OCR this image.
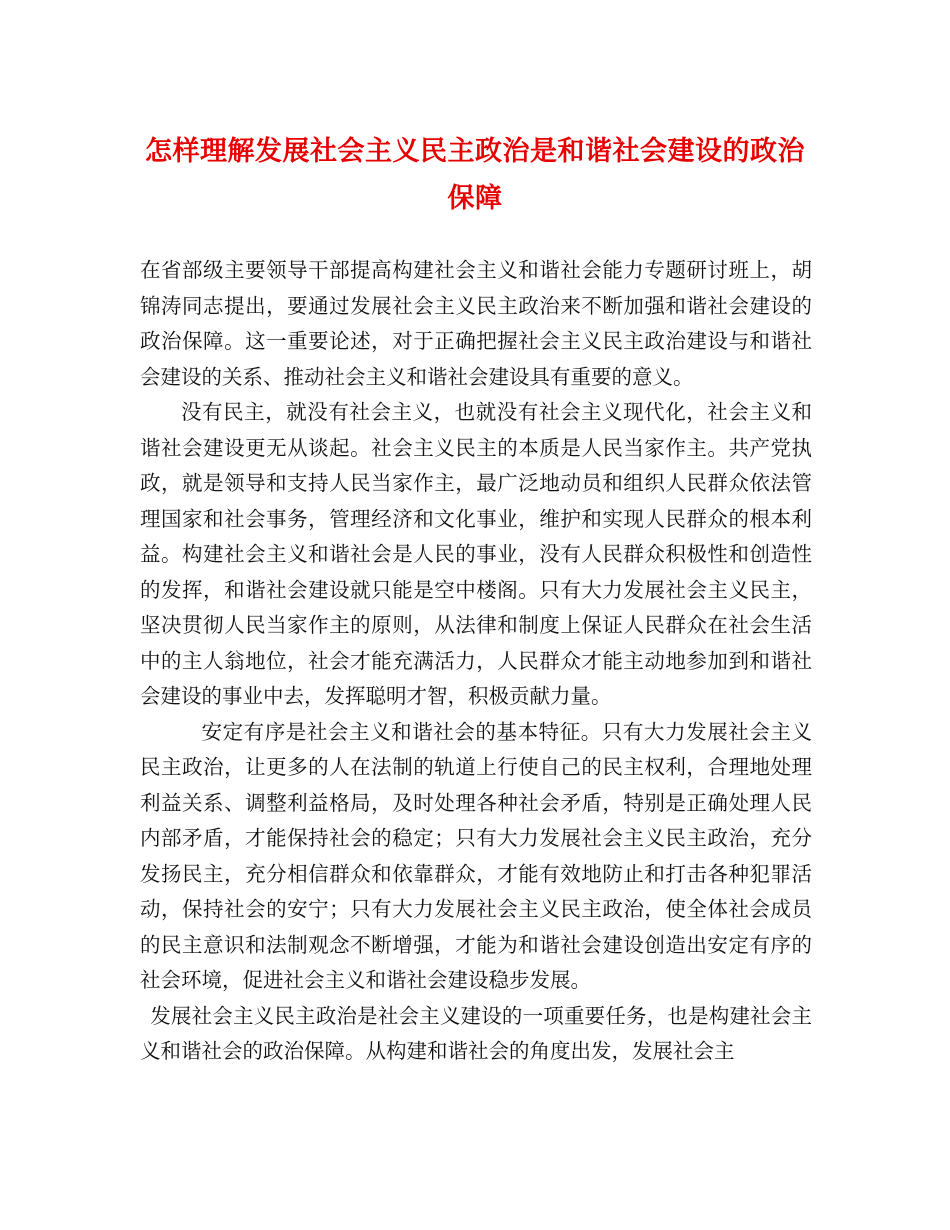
怎样理解发展社会主义民主政治是和谐社会建设的政治保障

在省部级主要领导干部提高构建社会主义和谐社会能力专题研讨班上，胡锦涛同志提出，要通过发展社会主义民主政治来不断加强和谐社会建设的政治保障。这一重要论述，对于正确把握社会主义民主政治建设与和谐社会建设的关系、推动社会主义和谐社会建设具有重要的意义。

没有民主，就没有社会主义，也就没有社会主义现代化，社会主义和谐社会建设更无从谈起。社会主义民主的本质是人民当家作主。共产党执政，就是领导和支持人民当家作主，最广泛地动员和组织人民群众依法管理国家和社会事务，管理经济和文化事业，维护和实现人民群众的根本利益。构建社会主义和谐社会是人民的事业，没有人民群众积极性和创造性的发挥，和谐社会建设就只能是空中楼阁。只有大力发展社会主义民主，坚决贯彻人民当家作主的原则，从法律和制度上保证人民群众在社会生活中的主人翁地位，社会才能充满活力，人民群众才能主动地参加到和谐社会建设的事业中去，发挥聪明才智，积极贡献力量。

安定有序是社会主义和谐社会的基本特征。只有大力发展社会主义民主政治，让更多的人在法制的轨道上行使自己的民主权利，合理地处理利益关系、调整利益格局，及时处理各种社会矛盾，特别是正确处理人民内部矛盾，才能保持社会的稳定；只有大力发展社会主义民主政治，充分发扬民主，充分相信群众和依靠群众，才能有效地防止和打击各种犯罪活动，保持社会的安宁；只有大力发展社会主义民主政治，使全体社会成员的民主意识和法制观念不断增强，才能为和谐社会建设创造出安定有序的社会环境，促进社会主义和谐社会建设稳步发展。

发展社会主义民主政治是社会主义建设的一项重要任务，也是构建社会主义和谐社会的政治保障。从构建和谐社会的角度出发，发展社会主
